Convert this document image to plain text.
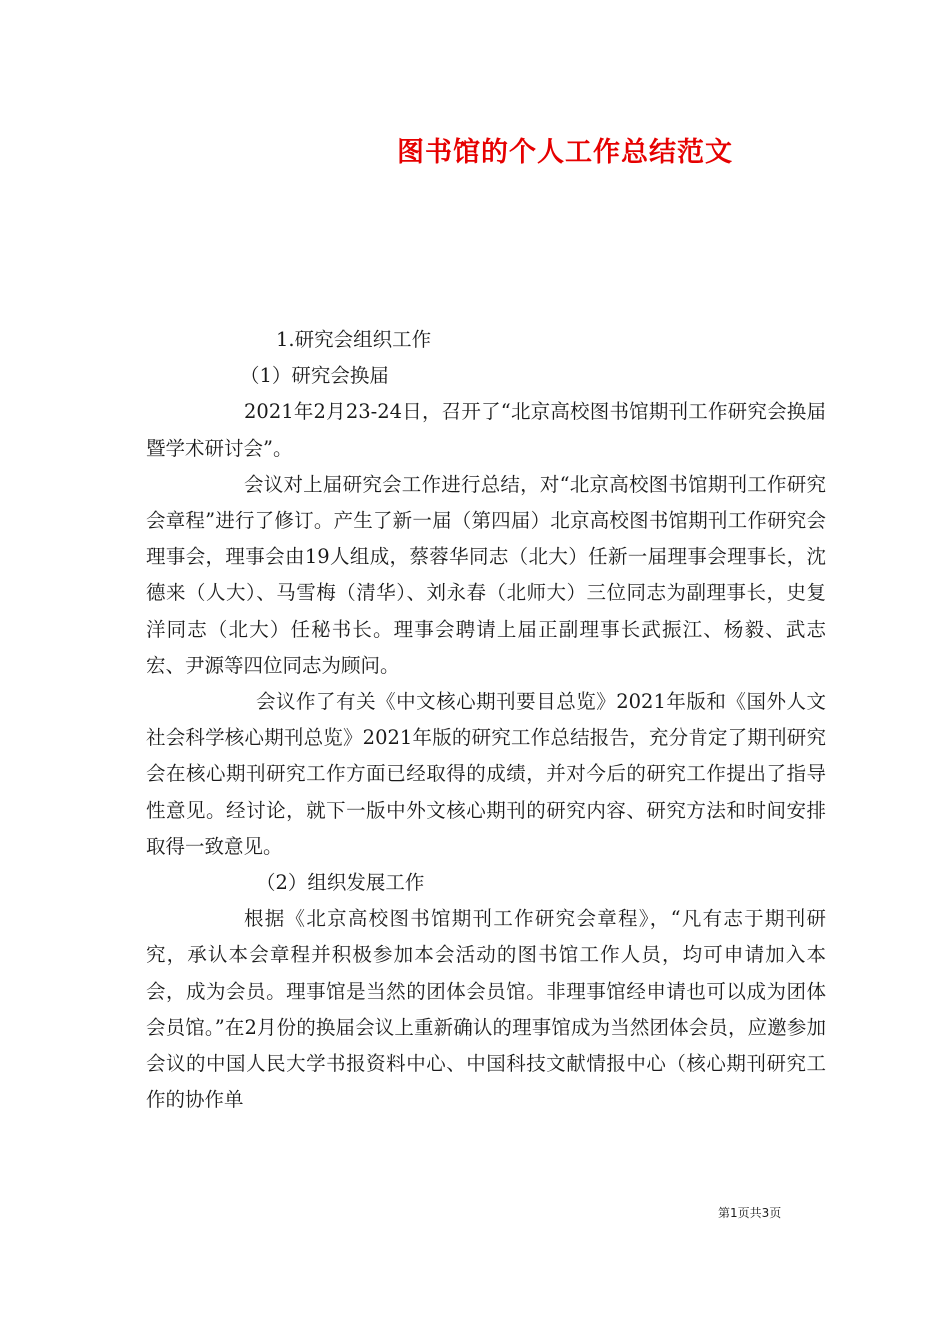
图书馆的个人工作总结范文

1.研究会组织工作

（1）研究会换届

2021年2月23-24日，召开了“北京高校图书馆期刊工作研究会换届暨学术研讨会”。

会议对上届研究会工作进行总结，对“北京高校图书馆期刊工作研究会章程”进行了修订。产生了新一届（第四届）北京高校图书馆期刊工作研究会理事会，理事会由19人组成，蔡蓉华同志（北大）任新一届理事会理事长，沈德来（人大）、马雪梅（清华）、刘永春（北师大）三位同志为副理事长，史复洋同志（北大）任秘书长。理事会聘请上届正副理事长武振江、杨毅、武志宏、尹源等四位同志为顾问。

会议作了有关《中文核心期刊要目总览》2021年版和《国外人文社会科学核心期刊总览》2021年版的研究工作总结报告，充分肯定了期刊研究会在核心期刊研究工作方面已经取得的成绩，并对今后的研究工作提出了指导性意见。经讨论，就下一版中外文核心期刊的研究内容、研究方法和时间安排取得一致意见。

（2）组织发展工作

根据《北京高校图书馆期刊工作研究会章程》，“凡有志于期刊研究，承认本会章程并积极参加本会活动的图书馆工作人员，均可申请加入本会，成为会员。理事馆是当然的团体会员馆。非理事馆经申请也可以成为团体会员馆。”在2月份的换届会议上重新确认的理事馆成为当然团体会员，应邀参加会议的中国人民大学书报资料中心、中国科技文献情报中心（核心期刊研究工作的协作单

第1页共3页
